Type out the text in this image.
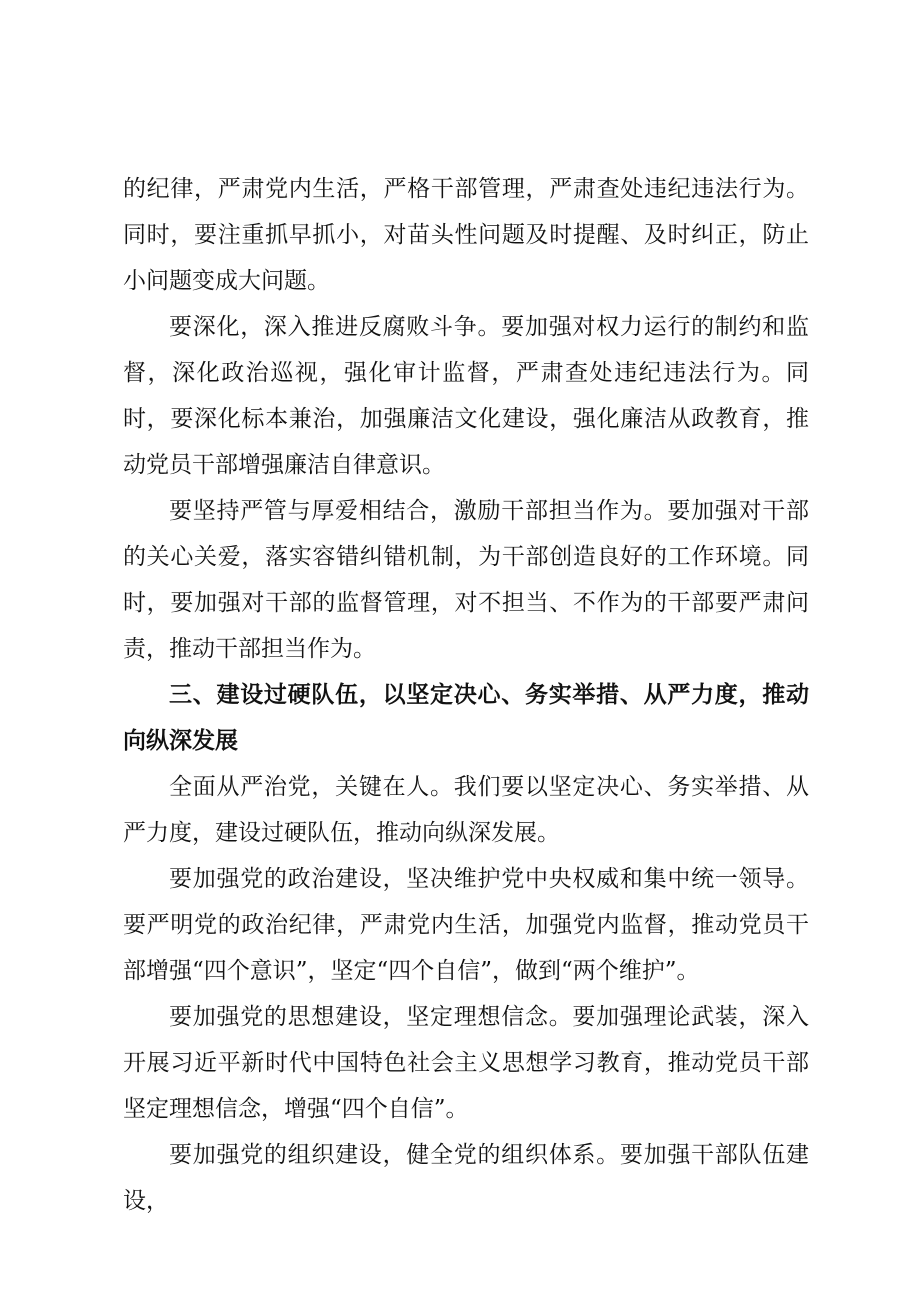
的纪律，严肃党内生活，严格干部管理，严肃查处违纪违法行为。同时，要注重抓早抓小，对苗头性问题及时提醒、及时纠正，防止小问题变成大问题。

要深化，深入推进反腐败斗争。要加强对权力运行的制约和监督，深化政治巡视，强化审计监督，严肃查处违纪违法行为。同时，要深化标本兼治，加强廉洁文化建设，强化廉洁从政教育，推动党员干部增强廉洁自律意识。

要坚持严管与厚爱相结合，激励干部担当作为。要加强对干部的关心关爱，落实容错纠错机制，为干部创造良好的工作环境。同时，要加强对干部的监督管理，对不担当、不作为的干部要严肃问责，推动干部担当作为。

三、建设过硬队伍，以坚定决心、务实举措、从严力度，推动向纵深发展

全面从严治党，关键在人。我们要以坚定决心、务实举措、从严力度，建设过硬队伍，推动向纵深发展。

要加强党的政治建设，坚决维护党中央权威和集中统一领导。要严明党的政治纪律，严肃党内生活，加强党内监督，推动党员干部增强“四个意识”，坚定“四个自信”，做到“两个维护”。

要加强党的思想建设，坚定理想信念。要加强理论武装，深入开展习近平新时代中国特色社会主义思想学习教育，推动党员干部坚定理想信念，增强“四个自信”。

要加强党的组织建设，健全党的组织体系。要加强干部队伍建设，
